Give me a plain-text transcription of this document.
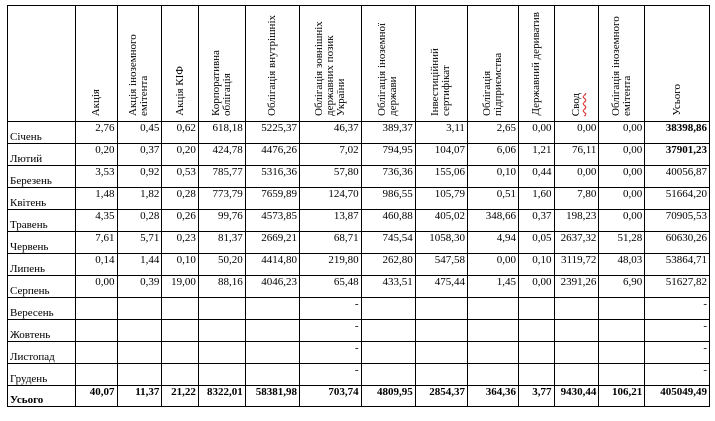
	Акція	Акція іноземного емітента	Акція КІФ	Корпоративна облігація	Облігація внутрішніх	Облігація зовнішніх державних позик України	Облігація іноземної держави	Інвестиційний сертифікат	Облігація підприємства	Державний дериватив	Свод	Облігація іноземного емітента	Усього
Січень	2,76	0,45	0,62	618,18	5225,37	46,37	389,37	3,11	2,65	0,00	0,00	0,00	38398,86
Лютий	0,20	0,37	0,20	424,78	4476,26	7,02	794,95	104,07	6,06	1,21	76,11	0,00	37901,23
Березень	3,53	0,92	0,53	785,77	5316,36	57,80	736,36	155,06	0,10	0,44	0,00	0,00	40056,87
Квітень	1,48	1,82	0,28	773,79	7659,89	124,70	986,55	105,79	0,51	1,60	7,80	0,00	51664,20
Травень	4,35	0,28	0,26	99,76	4573,85	13,87	460,88	405,02	348,66	0,37	198,23	0,00	70905,53
Червень	7,61	5,71	0,23	81,37	2669,21	68,71	745,54	1058,30	4,94	0,05	2637,32	51,28	60630,26
Липень	0,14	1,44	0,10	50,20	4414,80	219,80	262,80	547,58	0,00	0,10	3119,72	48,03	53864,71
Серпень	0,00	0,39	19,00	88,16	4046,23	65,48	433,51	475,44	1,45	0,00	2391,26	6,90	51627,82
Вересень						-							-
Жовтень						-							-
Листопад						-							-
Грудень						-							-
Усього	40,07	11,37	21,22	8322,01	58381,98	703,74	4809,95	2854,37	364,36	3,77	9430,44	106,21	405049,49
